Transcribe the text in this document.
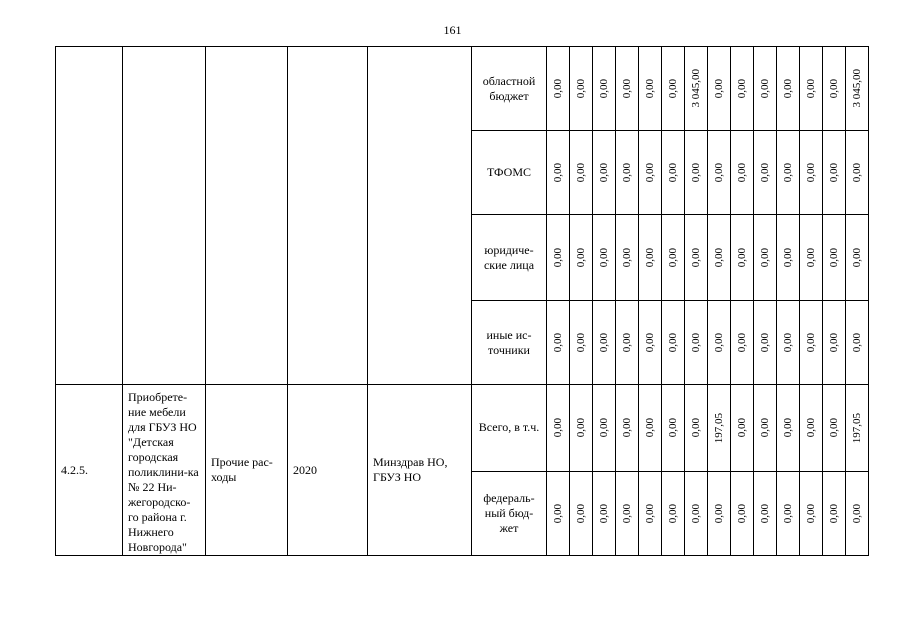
161
					областной бюджет	0,00	0,00	0,00	0,00	0,00	0,00	3 045,00	0,00	0,00	0,00	0,00	0,00	0,00	3 045,00

					ТФОМС	0,00	0,00	0,00	0,00	0,00	0,00	0,00	0,00	0,00	0,00	0,00	0,00	0,00	0,00

					юридиче-ские лица	0,00	0,00	0,00	0,00	0,00	0,00	0,00	0,00	0,00	0,00	0,00	0,00	0,00	0,00

					иные ис-точники	0,00	0,00	0,00	0,00	0,00	0,00	0,00	0,00	0,00	0,00	0,00	0,00	0,00	0,00

4.2.5.	Приобрете-ние мебели для ГБУЗ НО "Детская городская поликлини-ка № 22 Ни-жегородско-го района г. Нижнего Новгорода"	Прочие рас-ходы	2020	Минздрав НО, ГБУЗ НО	Всего, в т.ч.	0,00	0,00	0,00	0,00	0,00	0,00	0,00	197,05	0,00	0,00	0,00	0,00	0,00	197,05

					федераль-ный бюд-жет	0,00	0,00	0,00	0,00	0,00	0,00	0,00	0,00	0,00	0,00	0,00	0,00	0,00	0,00
